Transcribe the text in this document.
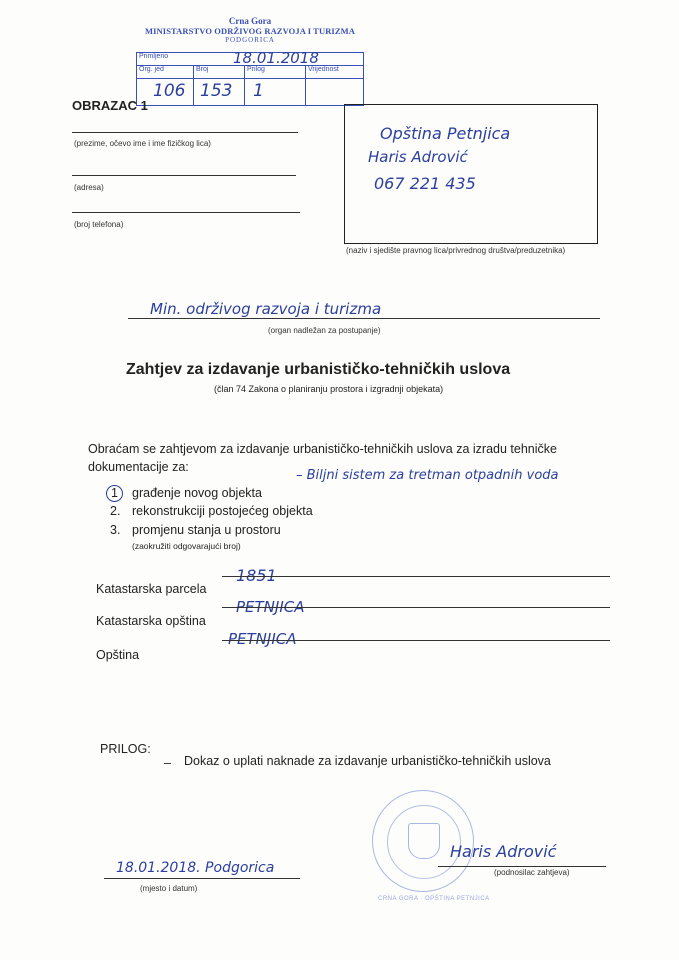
Crna Gora
MINISTARSTVO ODRŽIVOG RAZVOJA I TURIZMA
PODGORICA
Primljeno 18.01.2018			

Org. jed	Broj	Prilog	Vrijednost

106	153	1	

OBRAZAC 1
(prezime, očevo ime i ime fizičkog lica)
(adresa)
(broj telefona)
Opština Petnjica
Haris Adrović
067 221 435
(naziv i sjedište pravnog lica/privrednog društva/preduzetnika)
Min. održivog razvoja i turizma
(organ nadležan za postupanje)
Zahtjev za izdavanje urbanističko-tehničkih uslova
(član 74 Zakona o planiranju prostora i izgradnji objekata)
Obraćam se zahtjevom za izdavanje urbanističko-tehničkih uslova za izradu tehničke
dokumentacije za:
– Biljni sistem za tretman otpadnih voda
1 građenje novog objekta
2. rekonstrukciji postojećeg objekta
3. promjenu stanja u prostoru
(zaokružiti odgovarajući broj)
Katastarska parcela
1851
Katastarska opština
PETNJICA
Opština
PETNJICA
PRILOG:
– Dokaz o uplati naknade za izdavanje urbanističko-tehničkih uslova
CRNA GORA · OPŠTINA PETNJICA
18.01.2018. Podgorica
(mjesto i datum)
Haris Adrović
(podnosilac zahtjeva)
